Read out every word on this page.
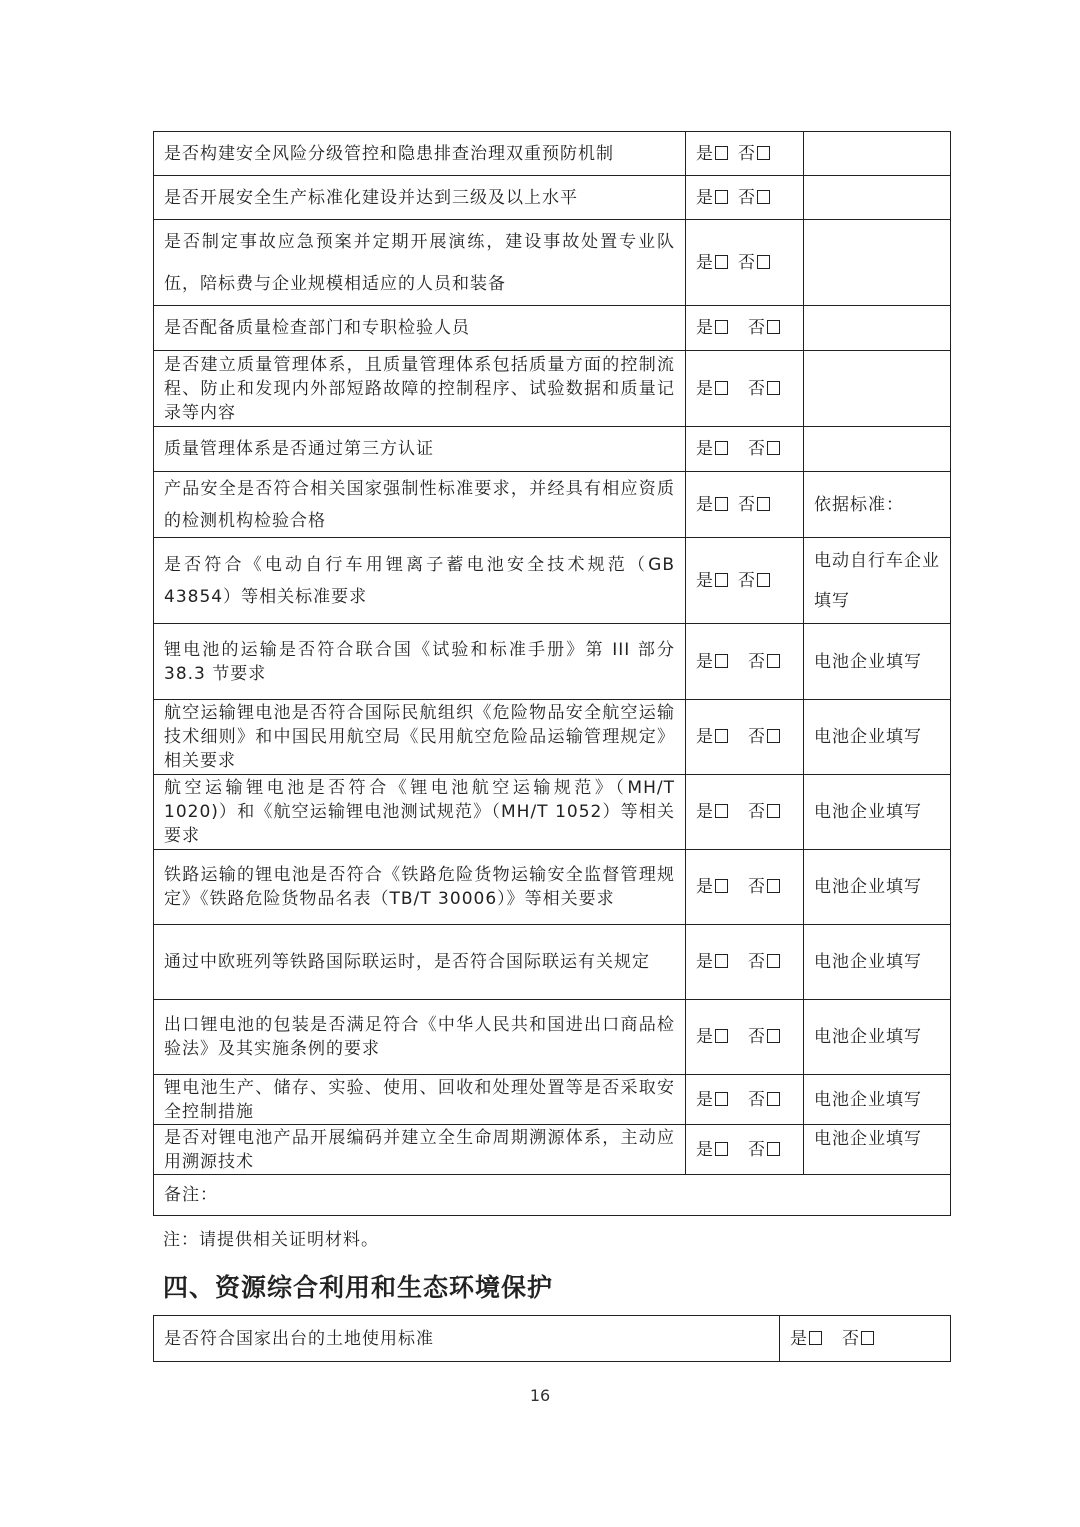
是否构建安全风险分级管控和隐患排查治理双重预防机制	是 否	
是否开展安全生产标准化建设并达到三级及以上水平	是 否	
是否制定事故应急预案并定期开展演练，建设事故处置专业队伍，陪标费与企业规模相适应的人员和装备	是 否	
是否配备质量检查部门和专职检验人员	是 否	
是否建立质量管理体系，且质量管理体系包括质量方面的控制流程、防止和发现内外部短路故障的控制程序、试验数据和质量记录等内容	是 否	
质量管理体系是否通过第三方认证	是 否	
产品安全是否符合相关国家强制性标准要求，并经具有相应资质的检测机构检验合格	是 否	依据标准：
是否符合《电动自行车用锂离子蓄电池安全技术规范（GB 43854）等相关标准要求	是 否	电动自行车企业填写
锂电池的运输是否符合联合国《试验和标准手册》第 III 部分 38.3 节要求	是 否	电池企业填写
航空运输锂电池是否符合国际民航组织《危险物品安全航空运输技术细则》和中国民用航空局《民用航空危险品运输管理规定》相关要求	是 否	电池企业填写
航空运输锂电池是否符合《锂电池航空运输规范》（MH/T 1020)）和《航空运输锂电池测试规范》（MH/T 1052）等相关要求	是 否	电池企业填写
铁路运输的锂电池是否符合《铁路危险货物运输安全监督管理规定》《铁路危险货物品名表（TB/T 30006）》等相关要求	是 否	电池企业填写
通过中欧班列等铁路国际联运时，是否符合国际联运有关规定	是 否	电池企业填写
出口锂电池的包装是否满足符合《中华人民共和国进出口商品检验法》及其实施条例的要求	是 否	电池企业填写
锂电池生产、储存、实验、使用、回收和处理处置等是否采取安全控制措施	是 否	电池企业填写
是否对锂电池产品开展编码并建立全生命周期溯源体系，主动应用溯源技术	是 否	电池企业填写
备注：		
注：请提供相关证明材料。
四、资源综合利用和生态环境保护
是否符合国家出台的土地使用标准	是 否
16
